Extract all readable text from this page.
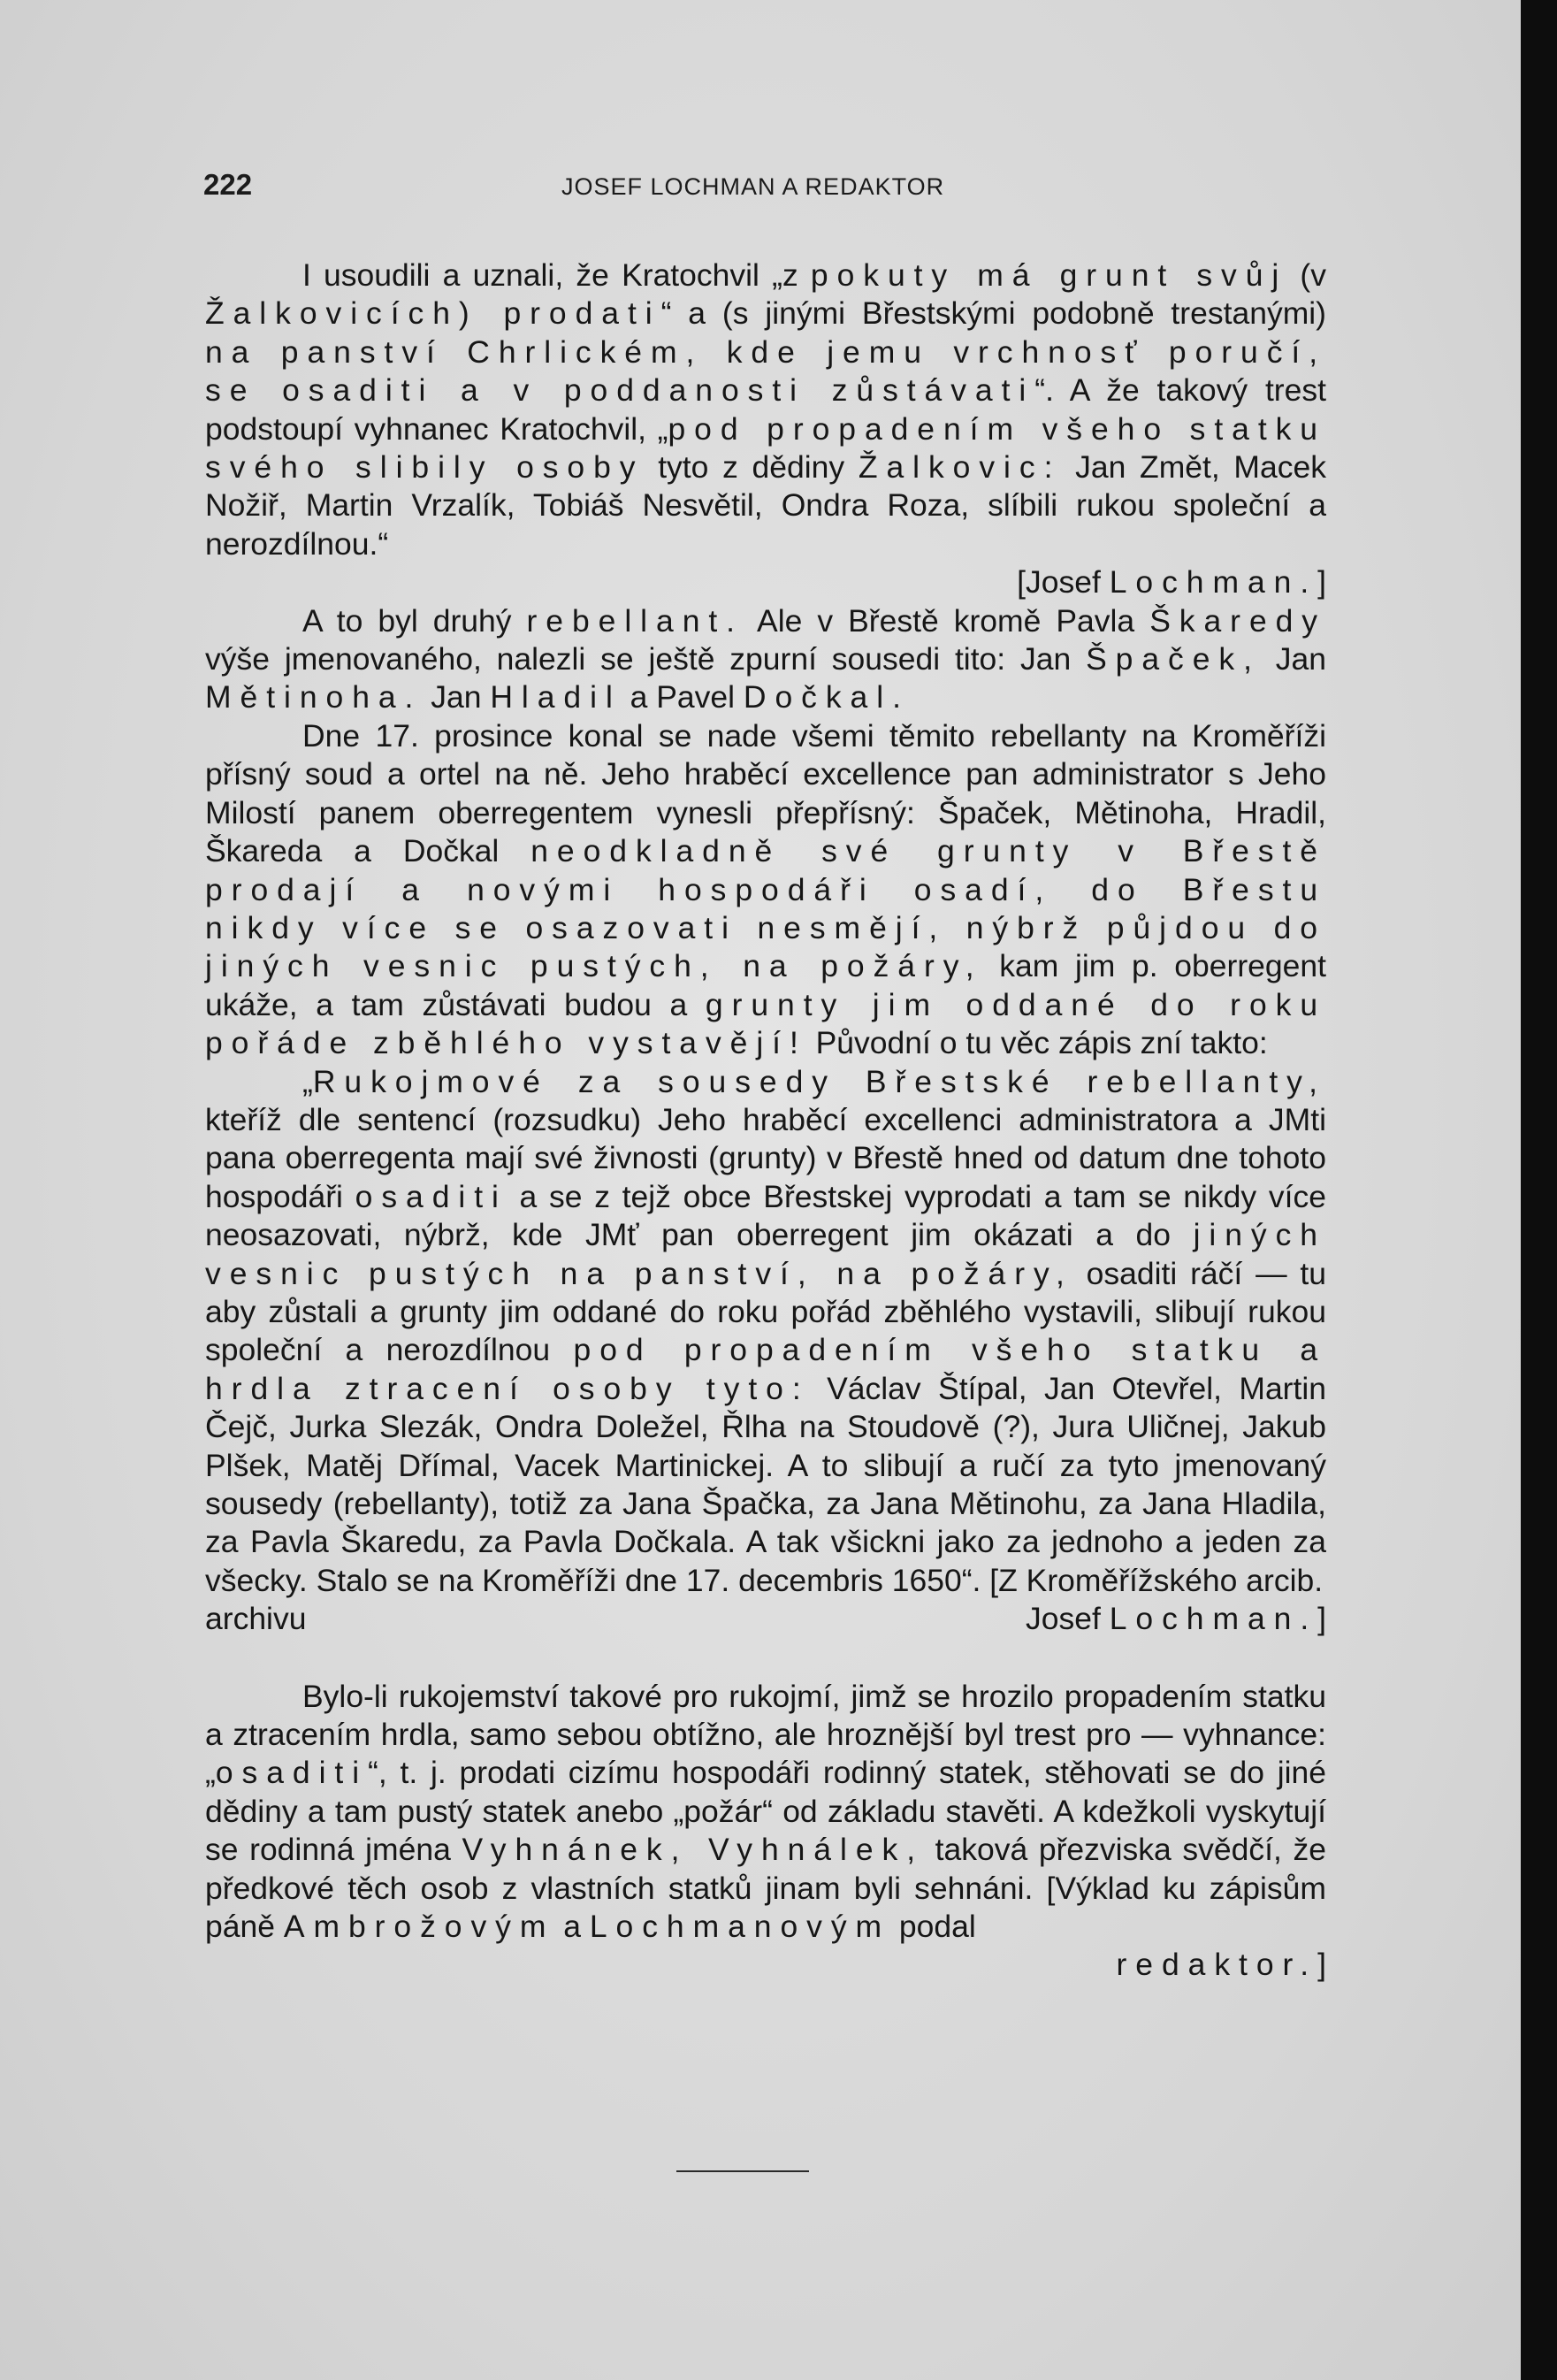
222	JOSEF LOCHMAN A REDAKTOR

I usoudili a uznali, že Kratochvil „z pokuty má grunt svůj (v Žalkovicích) prodati“ a (s jinými Břestskými podobně trestanými) na panství Chrlickém, kde jemu vrchnosť poručí, se osaditi a v poddanosti zůstávati“. A že takový trest podstoupí vyhnanec Kratochvil, „pod propadením všeho statku svého slibily osoby tyto z dědiny Žalkovic: Jan Změt, Macek Nožiř, Martin Vrzalík, Tobiáš Nesvětil, Ondra Roza, slíbili rukou společní a nerozdílnou.“

[Josef Lochman.]

A to byl druhý rebellant. Ale v Břestě kromě Pavla Škaredy výše jmenovaného, nalezli se ještě zpurní sousedi tito: Jan Špaček, Jan Mětinoha. Jan Hladil a Pavel Dočkal.

Dne 17. prosince konal se nade všemi těmito rebellanty na Kroměříži přísný soud a ortel na ně. Jeho hraběcí excellence pan administrator s Jeho Milostí panem oberregentem vynesli přepřísný: Špaček, Mětinoha, Hradil, Škareda a Dočkal neodkladně své grunty v Břestě prodají a novými hospodáři osadí, do Břestu nikdy více se osazovati nesmějí, nýbrž půjdou do jiných vesnic pustých, na požáry, kam jim p. oberregent ukáže, a tam zůstávati budou a grunty jim oddané do roku pořáde zběhlého vystavějí! Původní o tu věc zápis zní takto:

„Rukojmové za sousedy Břestské rebellanty, kteříž dle sentencí (rozsudku) Jeho hraběcí excellenci administratora a JMti pana oberregenta mají své živnosti (grunty) v Břestě hned od datum dne tohoto hospodáři osaditi a se z tejž obce Břestskej vyprodati a tam se nikdy více neosazovati, nýbrž, kde JMť pan oberregent jim okázati a do jiných vesnic pustých na panství, na požáry, osaditi ráčí — tu aby zůstali a grunty jim oddané do roku pořád zběhlého vystavili, slibují rukou společní a nerozdílnou pod propadením všeho statku a hrdla ztracení osoby tyto: Václav Štípal, Jan Otevřel, Martin Čejč, Jurka Slezák, Ondra Doležel, Řlha na Stoudově (?), Jura Uličnej, Jakub Plšek, Matěj Dřímal, Vacek Martinickej. A to slibují a ručí za tyto jmenovaný sousedy (rebellanty), totiž za Jana Špačka, za Jana Mětinohu, za Jana Hladila, za Pavla Škaredu, za Pavla Dočkala. A tak všickni jako za jednoho a jeden za všecky. Stalo se na Kroměříži dne 17. decembris 1650“. [Z Kroměřížského arcib.

archivu	Josef Lochman.]

Bylo-li rukojemství takové pro rukojmí, jimž se hrozilo propadením statku a ztracením hrdla, samo sebou obtížno, ale hroznější byl trest pro — vyhnance: „osaditi“, t. j. prodati cizímu hospodáři rodinný statek, stěhovati se do jiné dědiny a tam pustý statek anebo „požár“ od základu stavěti. A kdežkoli vyskytují se rodinná jména Vyhnánek, Vyhnálek, taková přezviska svědčí, že předkové těch osob z vlastních statků jinam byli sehnáni. [Výklad ku zápisům páně Ambrožovým a Lochmanovým podal

redaktor.]
